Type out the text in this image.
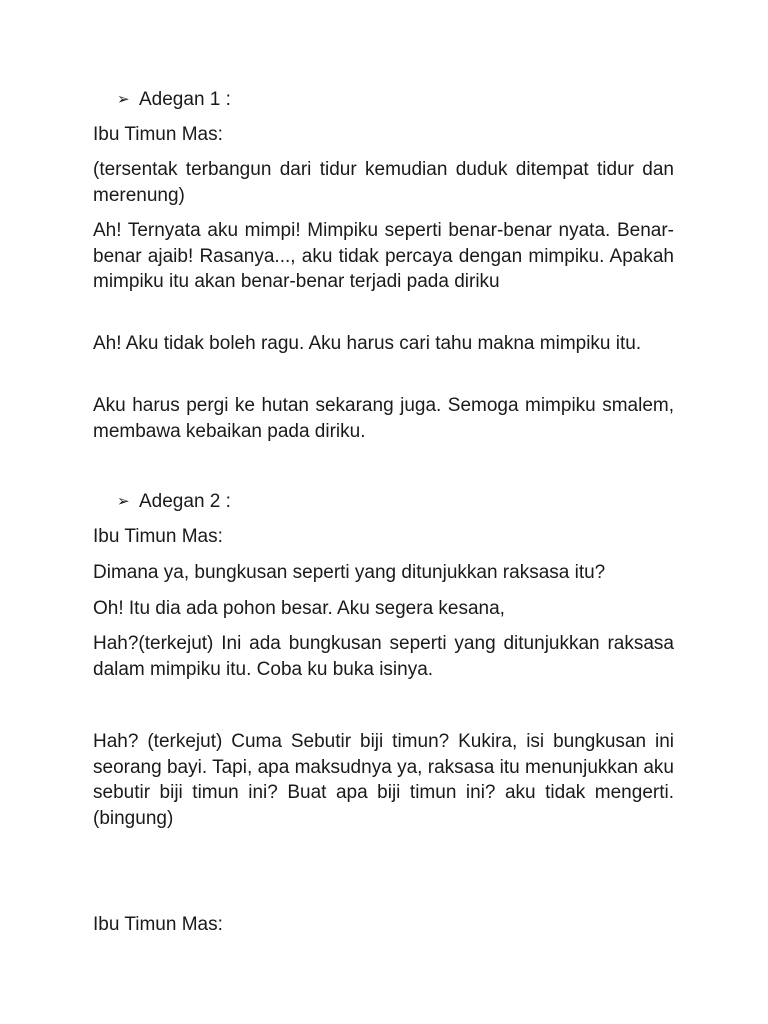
➢ Adegan 1 :

Ibu Timun Mas:

(tersentak terbangun dari tidur kemudian duduk ditempat tidur dan merenung)

Ah! Ternyata aku mimpi! Mimpiku seperti benar-benar nyata. Benar-benar ajaib! Rasanya..., aku tidak percaya dengan mimpiku. Apakah mimpiku itu akan benar-benar terjadi pada diriku

Ah! Aku tidak boleh ragu. Aku harus cari tahu makna mimpiku itu.

Aku harus pergi ke hutan sekarang juga. Semoga mimpiku smalem, membawa kebaikan pada diriku.

➢ Adegan 2 :

Ibu Timun Mas:

Dimana ya, bungkusan seperti yang ditunjukkan raksasa itu?

Oh! Itu dia ada pohon besar. Aku segera kesana,

Hah?(terkejut) Ini ada bungkusan seperti yang ditunjukkan raksasa dalam mimpiku itu. Coba ku buka isinya.

Hah? (terkejut) Cuma Sebutir biji timun? Kukira, isi bungkusan ini seorang bayi. Tapi, apa maksudnya ya, raksasa itu menunjukkan aku sebutir biji timun ini? Buat apa biji timun ini? aku tidak mengerti.(bingung)

Ibu Timun Mas:
